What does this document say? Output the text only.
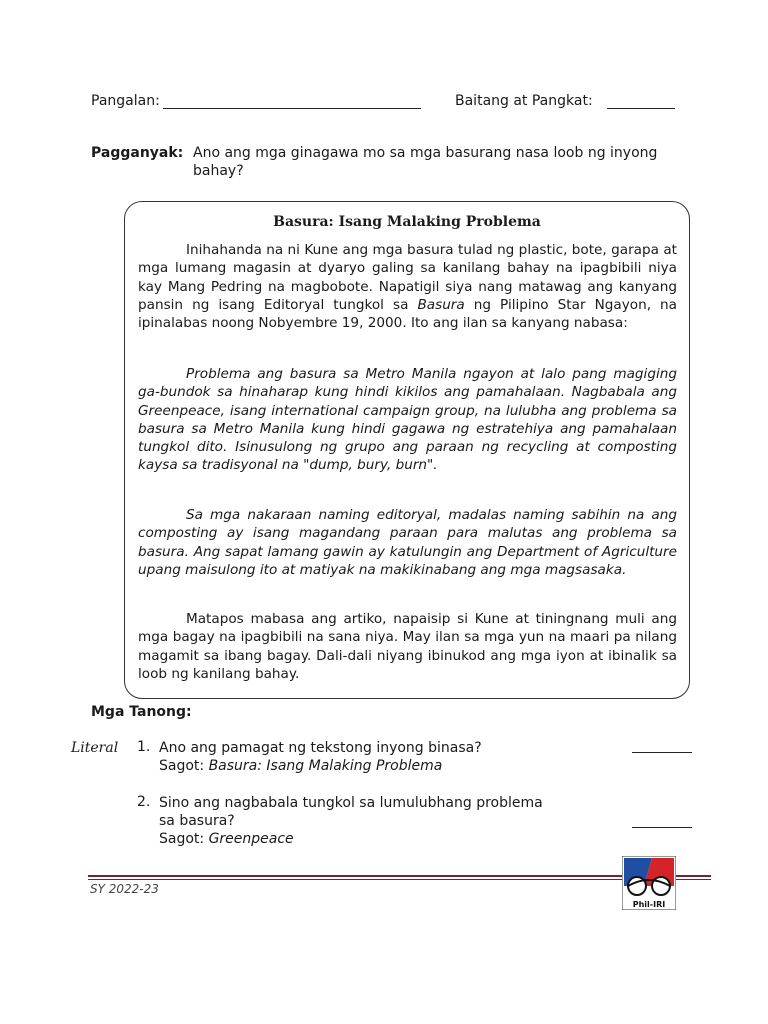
Pangalan:	Baitang at Pangkat:
Pagganyak: Ano ang mga ginagawa mo sa mga basurang nasa loob ng inyong
bahay?
Basura: Isang Malaking Problema

Inihahanda na ni Kune ang mga basura tulad ng plastic, bote, garapa at mga lumang magasin at dyaryo galing sa kanilang bahay na ipagbibili niya kay Mang Pedring na magbobote. Napatigil siya nang matawag ang kanyang pansin ng isang Editoryal tungkol sa Basura ng Pilipino Star Ngayon, na ipinalabas noong Nobyembre 19, 2000. Ito ang ilan sa kanyang nabasa:

Problema ang basura sa Metro Manila ngayon at lalo pang magiging ga-bundok sa hinaharap kung hindi kikilos ang pamahalaan. Nagbabala ang Greenpeace, isang international campaign group, na lulubha ang problema sa basura sa Metro Manila kung hindi gagawa ng estratehiya ang pamahalaan tungkol dito. Isinusulong ng grupo ang paraan ng recycling at composting kaysa sa tradisyonal na "dump, bury, burn".

Sa mga nakaraan naming editoryal, madalas naming sabihin na ang composting ay isang magandang paraan para malutas ang problema sa basura. Ang sapat lamang gawin ay katulungin ang Department of Agriculture upang maisulong ito at matiyak na makikinabang ang mga magsasaka.

Matapos mabasa ang artiko, napaisip si Kune at tiningnang muli ang mga bagay na ipagbibili na sana niya. May ilan sa mga yun na maari pa nilang magamit sa ibang bagay. Dali-dali niyang ibinukod ang mga iyon at ibinalik sa loob ng kanilang bahay.

Mga Tanong:
Literal 1. Ano ang pamagat ng tekstong inyong binasa?
Sagot: Basura: Isang Malaking Problema
2. Sino ang nagbabala tungkol sa lumulubhang problema
sa basura?
Sagot: Greenpeace
SY 2022-23
Phil-IRI
